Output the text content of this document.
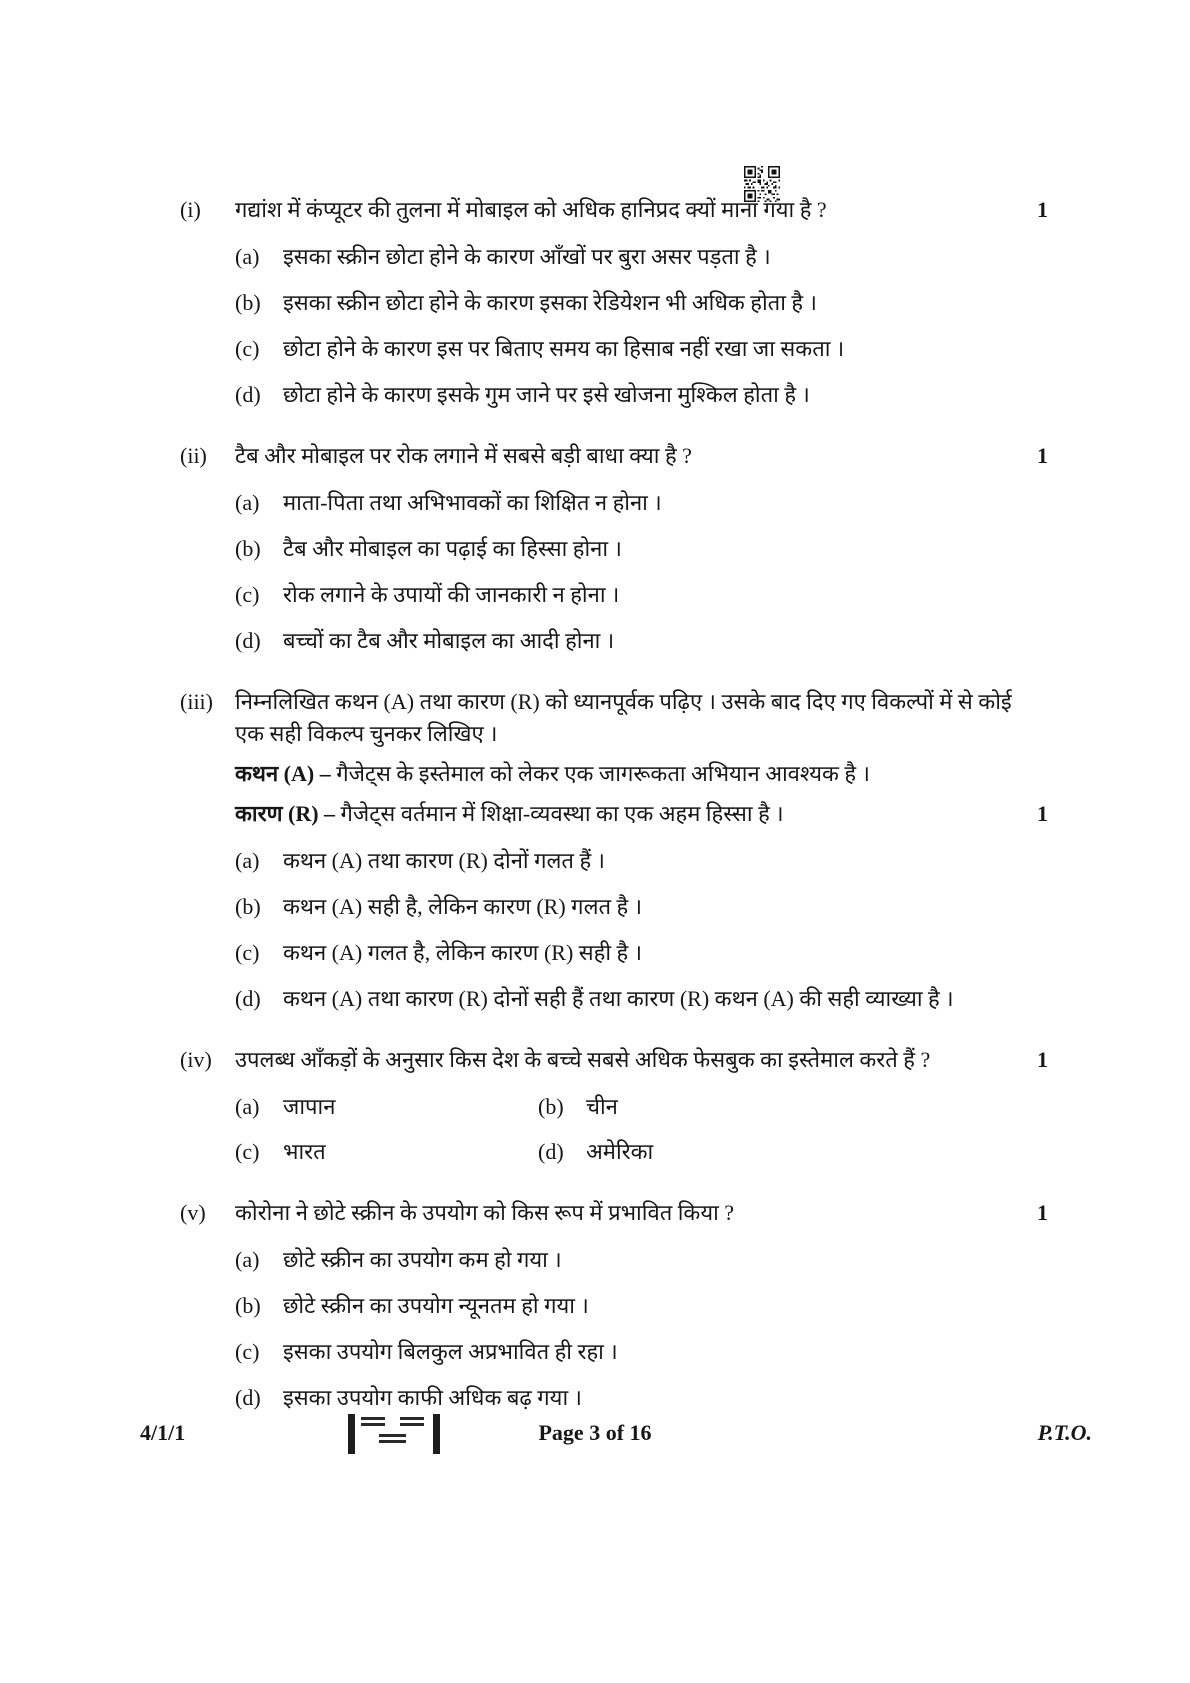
(i)	गद्यांश में कंप्यूटर की तुलना में मोबाइल को अधिक हानिप्रद क्यों माना गया है ?	1
(a)	इसका स्क्रीन छोटा होने के कारण आँखों पर बुरा असर पड़ता है ।
(b)	इसका स्क्रीन छोटा होने के कारण इसका रेडियेशन भी अधिक होता है ।
(c)	छोटा होने के कारण इस पर बिताए समय का हिसाब नहीं रखा जा सकता ।
(d)	छोटा होने के कारण इसके गुम जाने पर इसे खोजना मुश्किल होता है ।
(ii)	टैब और मोबाइल पर रोक लगाने में सबसे बड़ी बाधा क्या है ?	1
(a)	माता-पिता तथा अभिभावकों का शिक्षित न होना ।
(b)	टैब और मोबाइल का पढ़ाई का हिस्सा होना ।
(c)	रोक लगाने के उपायों की जानकारी न होना ।
(d)	बच्चों का टैब और मोबाइल का आदी होना ।
(iii)	निम्नलिखित कथन (A) तथा कारण (R) को ध्यानपूर्वक पढ़िए । उसके बाद दिए गए विकल्पों में से कोई एक सही विकल्प चुनकर लिखिए ।
कथन (A) – गैजेट्स के इस्तेमाल को लेकर एक जागरूकता अभियान आवश्यक है ।
कारण (R) – गैजेट्स वर्तमान में शिक्षा-व्यवस्था का एक अहम हिस्सा है ।	1
(a)	कथन (A) तथा कारण (R) दोनों गलत हैं ।
(b)	कथन (A) सही है, लेकिन कारण (R) गलत है ।
(c)	कथन (A) गलत है, लेकिन कारण (R) सही है ।
(d)	कथन (A) तथा कारण (R) दोनों सही हैं तथा कारण (R) कथन (A) की सही व्याख्या है ।
(iv)	उपलब्ध आँकड़ों के अनुसार किस देश के बच्चे सबसे अधिक फेसबुक का इस्तेमाल करते हैं ?	1
(a)	जापान	(b)	चीन
(c)	भारत	(d)	अमेरिका
(v)	कोरोना ने छोटे स्क्रीन के उपयोग को किस रूप में प्रभावित किया ?	1
(a)	छोटे स्क्रीन का उपयोग कम हो गया ।
(b)	छोटे स्क्रीन का उपयोग न्यूनतम हो गया ।
(c)	इसका उपयोग बिलकुल अप्रभावित ही रहा ।
(d)	इसका उपयोग काफी अधिक बढ़ गया ।
4/1/1	Page 3 of 16	P.T.O.
